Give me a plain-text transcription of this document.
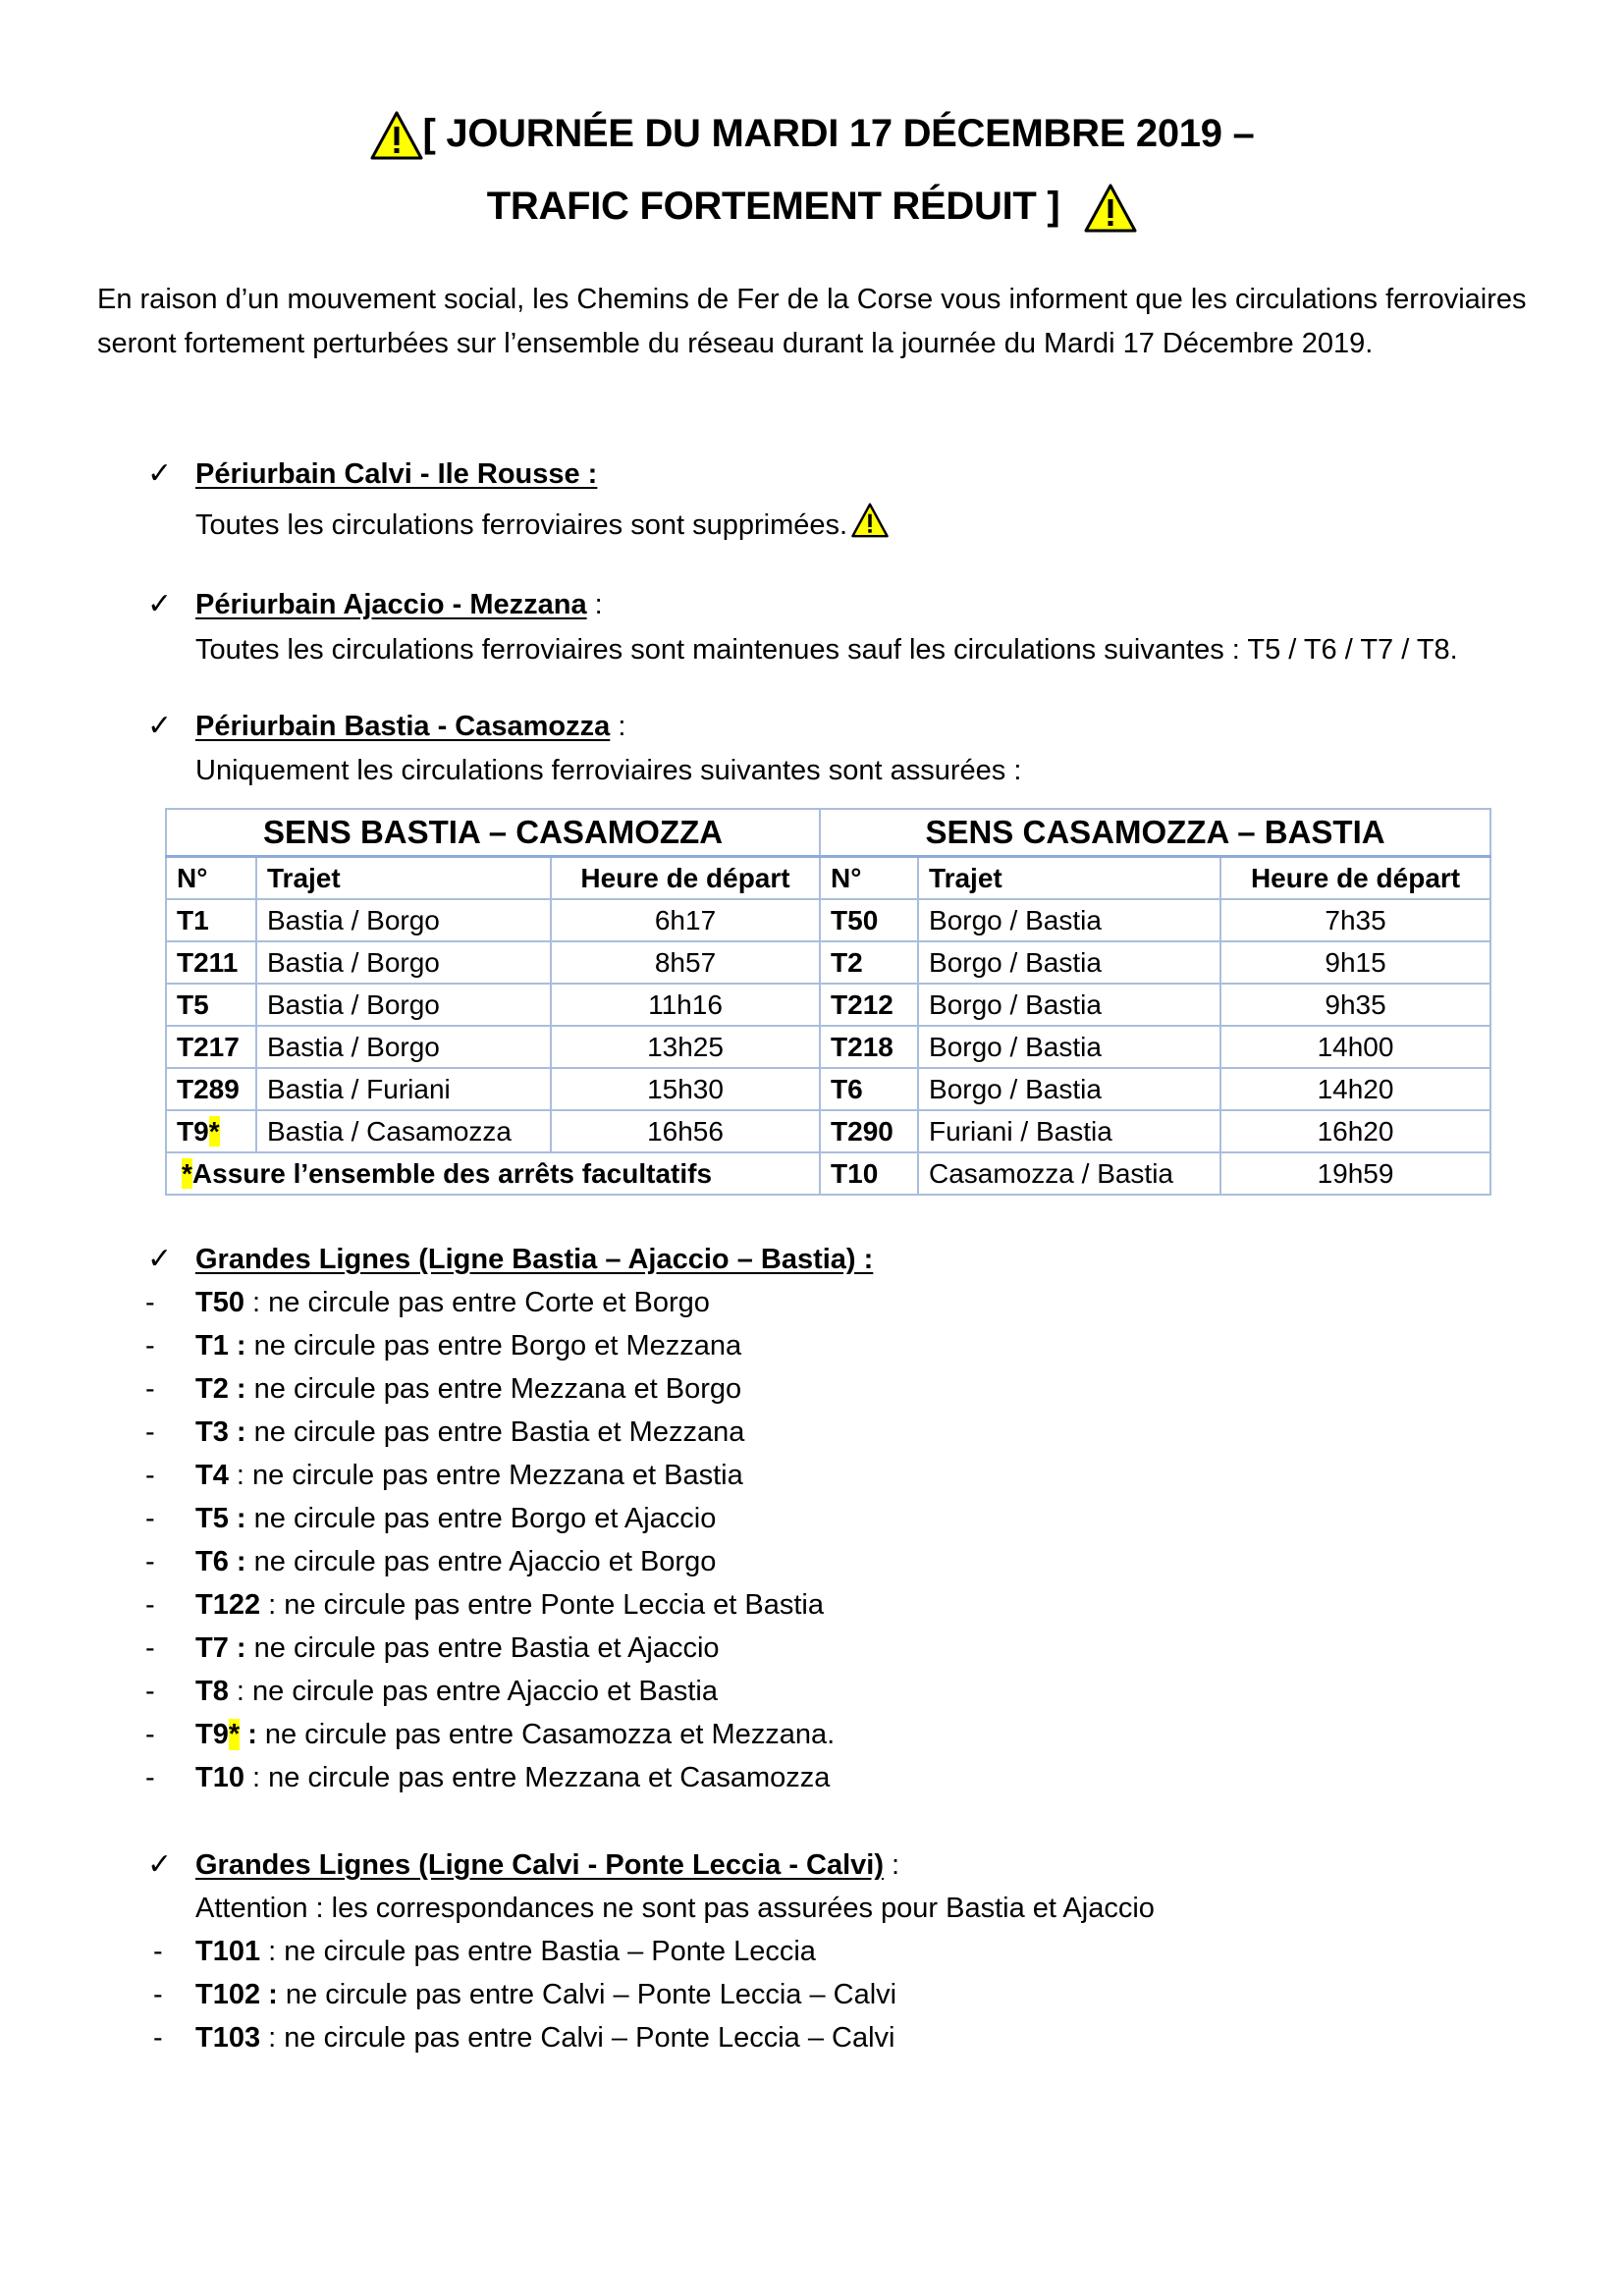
[ JOURNÉE DU MARDI 17 DÉCEMBRE 2019 –
TRAFIC FORTEMENT RÉDUIT ]
En raison d’un mouvement social, les Chemins de Fer de la Corse vous informent que les circulations ferroviaires seront fortement perturbées sur l’ensemble du réseau durant la journée du Mardi 17 Décembre 2019.
✓ Périurbain Calvi - Ile Rousse :
Toutes les circulations ferroviaires sont supprimées.
✓ Périurbain Ajaccio - Mezzana :
Toutes les circulations ferroviaires sont maintenues sauf les circulations suivantes : T5 / T6 / T7 / T8.
✓ Périurbain Bastia - Casamozza :
Uniquement les circulations ferroviaires suivantes sont assurées :
SENS BASTIA – CASAMOZZA			SENS CASAMOZZA – BASTIA		
N°	Trajet	Heure de départ	N°	Trajet	Heure de départ
T1	Bastia / Borgo	6h17	T50	Borgo / Bastia	7h35
T211	Bastia / Borgo	8h57	T2	Borgo / Bastia	9h15
T5	Bastia / Borgo	11h16	T212	Borgo / Bastia	9h35
T217	Bastia / Borgo	13h25	T218	Borgo / Bastia	14h00
T289	Bastia / Furiani	15h30	T6	Borgo / Bastia	14h20
T9*	Bastia / Casamozza	16h56	T290	Furiani / Bastia	16h20
*Assure l’ensemble des arrêts facultatifs			T10	Casamozza / Bastia	19h59
✓ Grandes Lignes (Ligne Bastia – Ajaccio – Bastia) :
- T50 : ne circule pas entre Corte et Borgo
- T1 : ne circule pas entre Borgo et Mezzana
- T2 : ne circule pas entre Mezzana et Borgo
- T3 : ne circule pas entre Bastia et Mezzana
- T4 : ne circule pas entre Mezzana et Bastia
- T5 : ne circule pas entre Borgo et Ajaccio
- T6 : ne circule pas entre Ajaccio et Borgo
- T122 : ne circule pas entre Ponte Leccia et Bastia
- T7 : ne circule pas entre Bastia et Ajaccio
- T8 : ne circule pas entre Ajaccio et Bastia
- T9* : ne circule pas entre Casamozza et Mezzana.
- T10 : ne circule pas entre Mezzana et Casamozza
✓ Grandes Lignes (Ligne Calvi - Ponte Leccia - Calvi) :
Attention : les correspondances ne sont pas assurées pour Bastia et Ajaccio
- T101 : ne circule pas entre Bastia – Ponte Leccia
- T102 : ne circule pas entre Calvi – Ponte Leccia – Calvi
- T103 : ne circule pas entre Calvi – Ponte Leccia – Calvi
